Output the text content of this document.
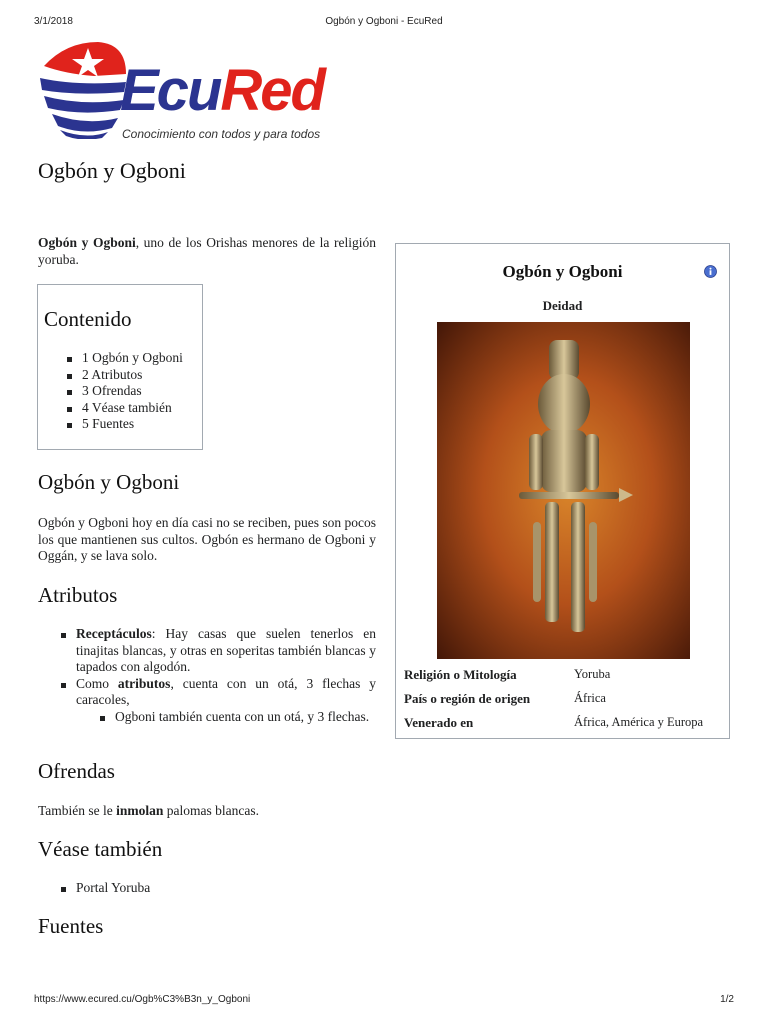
3/1/2018	Ogbón y Ogboni - EcuRed
EcuRed
Conocimiento con todos y para todos
Ogbón y Ogboni

Ogbón y Ogboni, uno de los Orishas menores de la religión yoruba.

Contenido
1 Ogbón y Ogboni
2 Atributos
3 Ofrendas
4 Véase también
5 Fuentes
Ogbón y Ogboni

Ogbón y Ogboni hoy en día casi no se reciben, pues son pocos los que mantienen sus cultos. Ogbón es hermano de Ogboni y Oggán, y se lava solo.

Atributos
Receptáculos: Hay casas que suelen tenerlos en tinajitas blancas, y otras en soperitas también blancas y tapados con algodón.
Como atributos, cuenta con un otá, 3 flechas y caracoles,
Ogboni también cuenta con un otá, y 3 flechas.
Ofrendas

También se le inmolan palomas blancas.

Véase también
Portal Yoruba
Fuentes
Ogbón y Ogboni
Deidad
Religión o Mitología	Yoruba
País o región de origen	África
Venerado en	África, América y Europa
https://www.ecured.cu/Ogb%C3%B3n_y_Ogboni	1/2
